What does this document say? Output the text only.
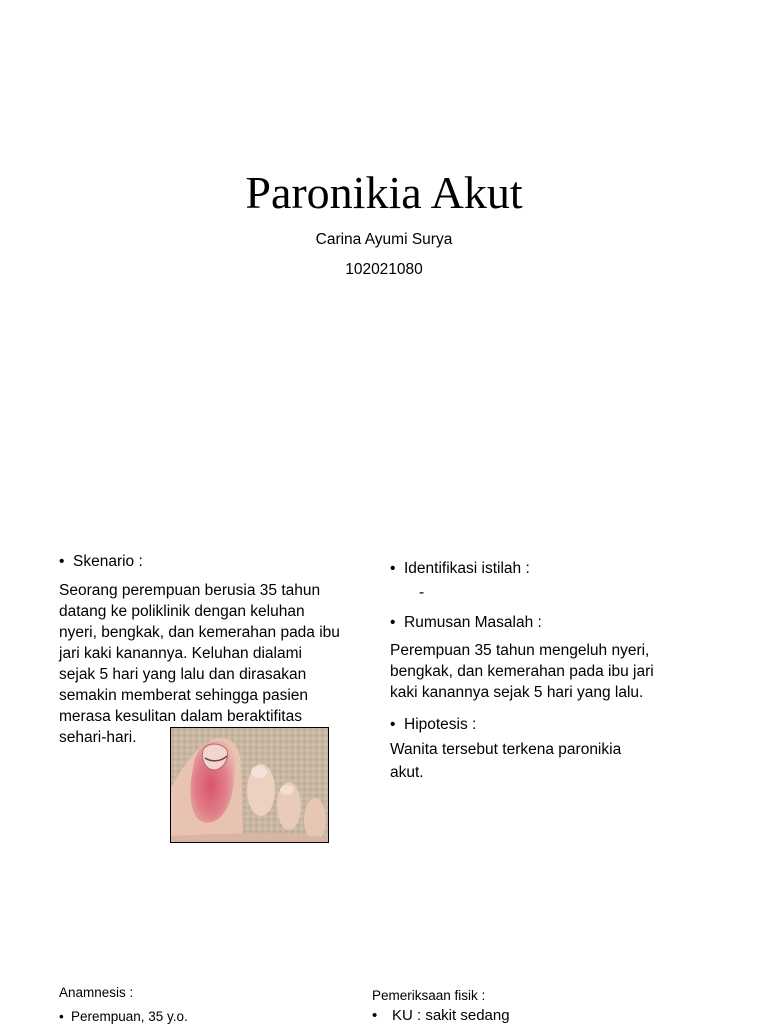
Paronikia Akut
Carina Ayumi Surya
102021080
• Skenario :
Seorang perempuan berusia 35 tahun
datang ke poliklinik dengan keluhan
nyeri, bengkak, dan kemerahan pada ibu
jari kaki kanannya. Keluhan dialami
sejak 5 hari yang lalu dan dirasakan
semakin memberat sehingga pasien
merasa kesulitan dalam beraktifitas
sehari-hari.
• Identifikasi istilah :
-
• Rumusan Masalah :
Perempuan 35 tahun mengeluh nyeri,
bengkak, dan kemerahan pada ibu jari
kaki kanannya sejak 5 hari yang lalu.
• Hipotesis :
Wanita tersebut terkena paronikia
akut.
Anamnesis :
• Perempuan, 35 y.o.
Pemeriksaan fisik :
• KU : sakit sedang
